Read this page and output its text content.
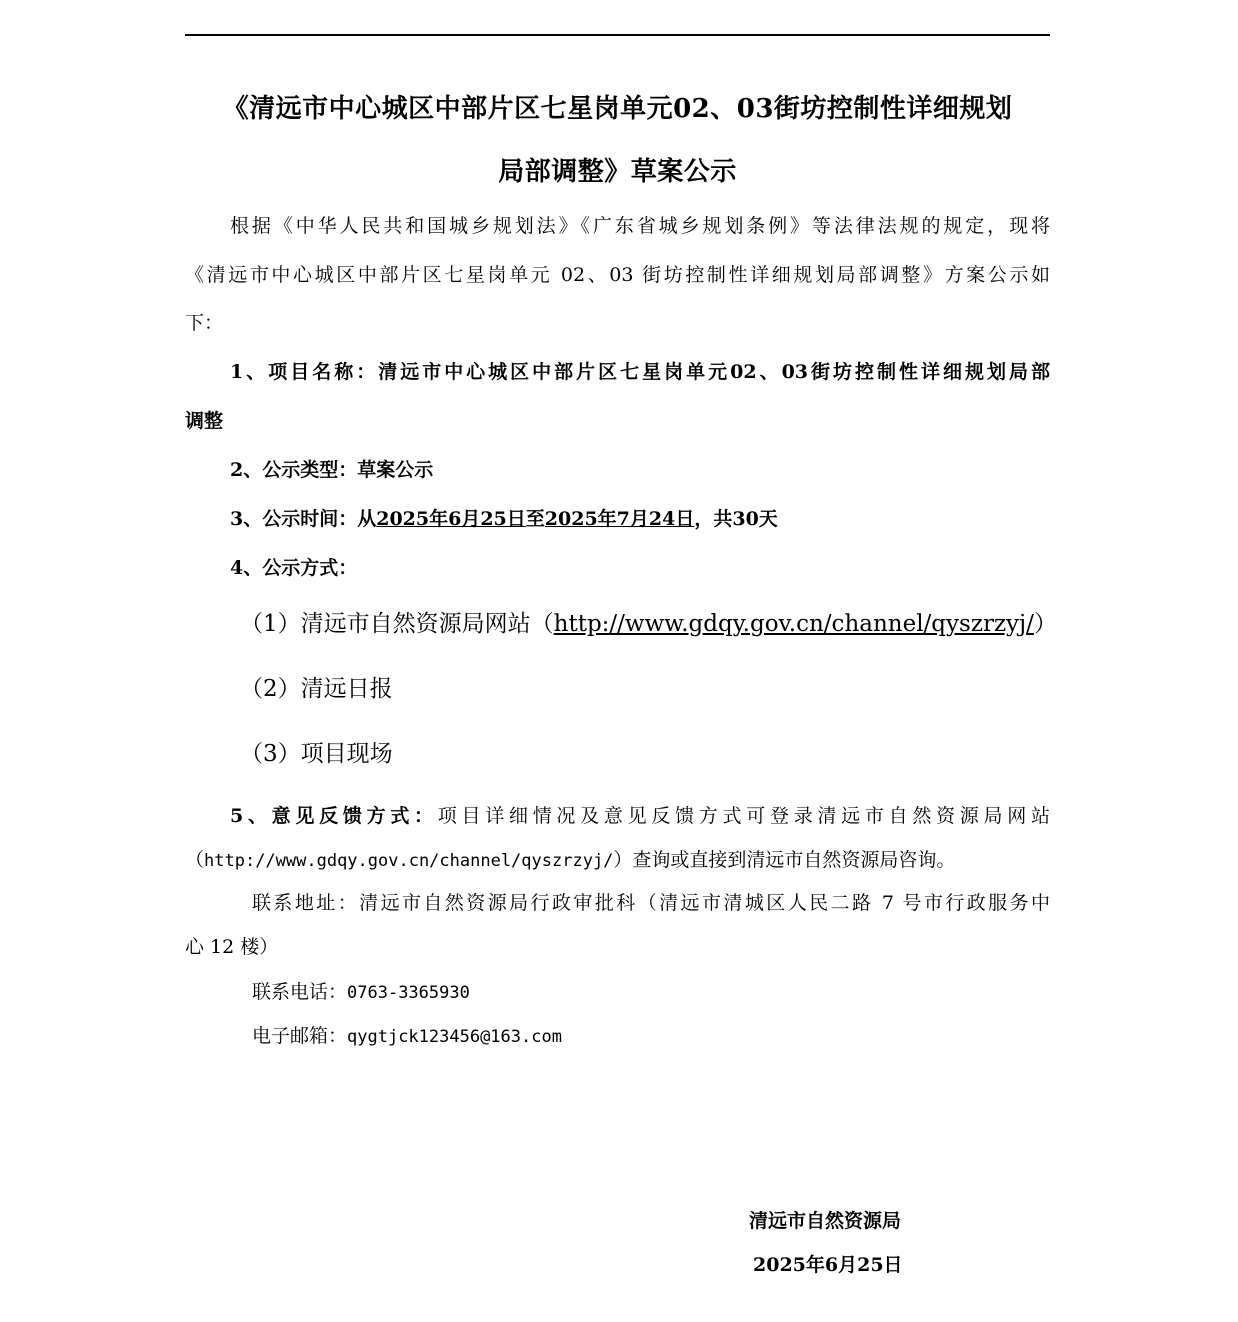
《清远市中心城区中部片区七星岗单元02、03街坊控制性详细规划
局部调整》草案公示
根据《中华人民共和国城乡规划法》《广东省城乡规划条例》等法律法规的规定，现将
《清远市中心城区中部片区七星岗单元 02、03 街坊控制性详细规划局部调整》方案公示如
下：
1、项目名称：清远市中心城区中部片区七星岗单元02、03街坊控制性详细规划局部
调整
2、公示类型：草案公示
3、公示时间：从2025年6月25日至2025年7月24日，共30天
4、公示方式：
（1）清远市自然资源局网站（http://www.gdqy.gov.cn/channel/qyszrzyj/）
（2）清远日报
（3）项目现场
5、意见反馈方式：项目详细情况及意见反馈方式可登录清远市自然资源局网站
（http://www.gdqy.gov.cn/channel/qyszrzyj/）查询或直接到清远市自然资源局咨询。
联系地址：清远市自然资源局行政审批科（清远市清城区人民二路 7 号市行政服务中
心 12 楼）
联系电话：0763-3365930
电子邮箱：qygtjck123456@163.com
清远市自然资源局
2025年6月25日
